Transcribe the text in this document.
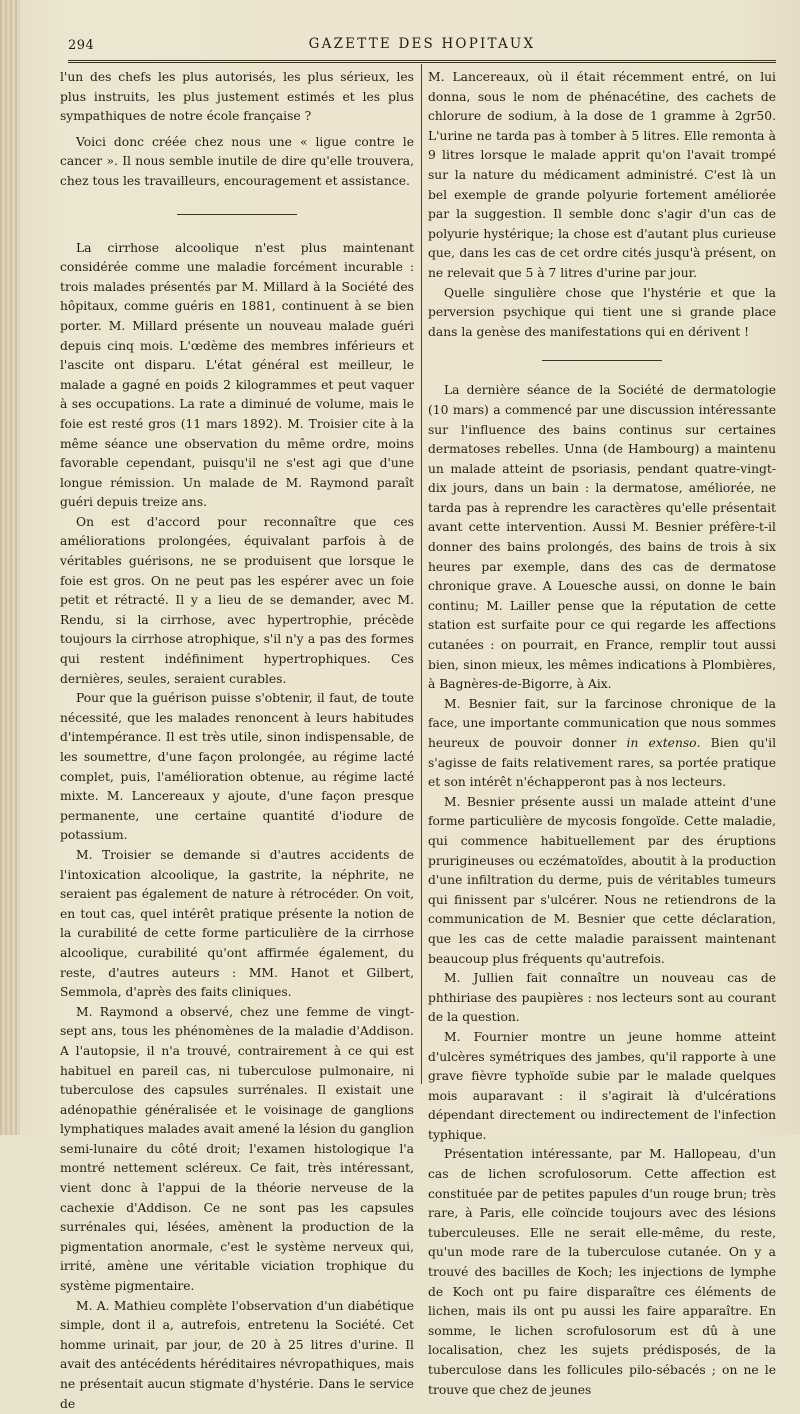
294	GAZETTE DES HOPITAUX

l'un des chefs les plus autorisés, les plus sérieux, les plus instruits, les plus justement estimés et les plus sympathiques de notre école française ?

Voici donc créée chez nous une « ligue contre le cancer ». Il nous semble inutile de dire qu'elle trouvera, chez tous les travailleurs, encouragement et assistance.

La cirrhose alcoolique n'est plus maintenant considérée comme une maladie forcément incurable : trois malades présentés par M. Millard à la Société des hôpitaux, comme guéris en 1881, continuent à se bien porter. M. Millard présente un nouveau malade guéri depuis cinq mois. L'œdème des membres inférieurs et l'ascite ont disparu. L'état général est meilleur, le malade a gagné en poids 2 kilogrammes et peut vaquer à ses occupations. La rate a diminué de volume, mais le foie est resté gros (11 mars 1892). M. Troisier cite à la même séance une observation du même ordre, moins favorable cependant, puisqu'il ne s'est agi que d'une longue rémission. Un malade de M. Raymond paraît guéri depuis treize ans.

On est d'accord pour reconnaître que ces améliorations prolongées, équivalant parfois à de véritables guérisons, ne se produisent que lorsque le foie est gros. On ne peut pas les espérer avec un foie petit et rétracté. Il y a lieu de se demander, avec M. Rendu, si la cirrhose, avec hypertrophie, précède toujours la cirrhose atrophique, s'il n'y a pas des formes qui restent indéfiniment hypertrophiques. Ces dernières, seules, seraient curables.

Pour que la guérison puisse s'obtenir, il faut, de toute nécessité, que les malades renoncent à leurs habitudes d'intempérance. Il est très utile, sinon indispensable, de les soumettre, d'une façon prolongée, au régime lacté complet, puis, l'amélioration obtenue, au régime lacté mixte. M. Lancereaux y ajoute, d'une façon presque permanente, une certaine quantité d'iodure de potassium.

M. Troisier se demande si d'autres accidents de l'intoxication alcoolique, la gastrite, la néphrite, ne seraient pas également de nature à rétrocéder. On voit, en tout cas, quel intérêt pratique présente la notion de la curabilité de cette forme particulière de la cirrhose alcoolique, curabilité qu'ont affirmée également, du reste, d'autres auteurs : MM. Hanot et Gilbert, Semmola, d'après des faits cliniques.

M. Raymond a observé, chez une femme de vingt-sept ans, tous les phénomènes de la maladie d'Addison. A l'autopsie, il n'a trouvé, contrairement à ce qui est habituel en pareil cas, ni tuberculose pulmonaire, ni tuberculose des capsules surrénales. Il existait une adénopathie généralisée et le voisinage de ganglions lymphatiques malades avait amené la lésion du ganglion semi-lunaire du côté droit; l'examen histologique l'a montré nettement scléreux. Ce fait, très intéressant, vient donc à l'appui de la théorie nerveuse de la cachexie d'Addison. Ce ne sont pas les capsules surrénales qui, lésées, amènent la production de la pigmentation anormale, c'est le système nerveux qui, irrité, amène une véritable viciation trophique du système pigmentaire.

M. A. Mathieu complète l'observation d'un diabétique simple, dont il a, autrefois, entretenu la Société. Cet homme urinait, par jour, de 20 à 25 litres d'urine. Il avait des antécédents héréditaires névropathiques, mais ne présentait aucun stigmate d'hystérie. Dans le service de

M. Lancereaux, où il était récemment entré, on lui donna, sous le nom de phénacétine, des cachets de chlorure de sodium, à la dose de 1 gramme à 2gr50. L'urine ne tarda pas à tomber à 5 litres. Elle remonta à 9 litres lorsque le malade apprit qu'on l'avait trompé sur la nature du médicament administré. C'est là un bel exemple de grande polyurie fortement améliorée par la suggestion. Il semble donc s'agir d'un cas de polyurie hystérique; la chose est d'autant plus curieuse que, dans les cas de cet ordre cités jusqu'à présent, on ne relevait que 5 à 7 litres d'urine par jour.

Quelle singulière chose que l'hystérie et que la perversion psychique qui tient une si grande place dans la genèse des manifestations qui en dérivent !

La dernière séance de la Société de dermatologie (10 mars) a commencé par une discussion intéressante sur l'influence des bains continus sur certaines dermatoses rebelles. Unna (de Hambourg) a maintenu un malade atteint de psoriasis, pendant quatre-vingt-dix jours, dans un bain : la dermatose, améliorée, ne tarda pas à reprendre les caractères qu'elle présentait avant cette intervention. Aussi M. Besnier préfère-t-il donner des bains prolongés, des bains de trois à six heures par exemple, dans des cas de dermatose chronique grave. A Louesche aussi, on donne le bain continu; M. Lailler pense que la réputation de cette station est surfaite pour ce qui regarde les affections cutanées : on pourrait, en France, remplir tout aussi bien, sinon mieux, les mêmes indications à Plombières, à Bagnères-de-Bigorre, à Aix.

M. Besnier fait, sur la farcinose chronique de la face, une importante communication que nous sommes heureux de pouvoir donner in extenso. Bien qu'il s'agisse de faits relativement rares, sa portée pratique et son intérêt n'échapperont pas à nos lecteurs.

M. Besnier présente aussi un malade atteint d'une forme particulière de mycosis fongoïde. Cette maladie, qui commence habituellement par des éruptions prurigineuses ou eczématoïdes, aboutit à la production d'une infiltration du derme, puis de véritables tumeurs qui finissent par s'ulcérer. Nous ne retiendrons de la communication de M. Besnier que cette déclaration, que les cas de cette maladie paraissent maintenant beaucoup plus fréquents qu'autrefois.

M. Jullien fait connaître un nouveau cas de phthiriase des paupières : nos lecteurs sont au courant de la question.

M. Fournier montre un jeune homme atteint d'ulcères symétriques des jambes, qu'il rapporte à une grave fièvre typhoïde subie par le malade quelques mois auparavant : il s'agirait là d'ulcérations dépendant directement ou indirectement de l'infection typhique.

Présentation intéressante, par M. Hallopeau, d'un cas de lichen scrofulosorum. Cette affection est constituée par de petites papules d'un rouge brun; très rare, à Paris, elle coïncide toujours avec des lésions tuberculeuses. Elle ne serait elle-même, du reste, qu'un mode rare de la tuberculose cutanée. On y a trouvé des bacilles de Koch; les injections de lymphe de Koch ont pu faire disparaître ces éléments de lichen, mais ils ont pu aussi les faire apparaître. En somme, le lichen scrofulosorum est dû à une localisation, chez les sujets prédisposés, de la tuberculose dans les follicules pilo-sébacés ; on ne le trouve que chez de jeunes
